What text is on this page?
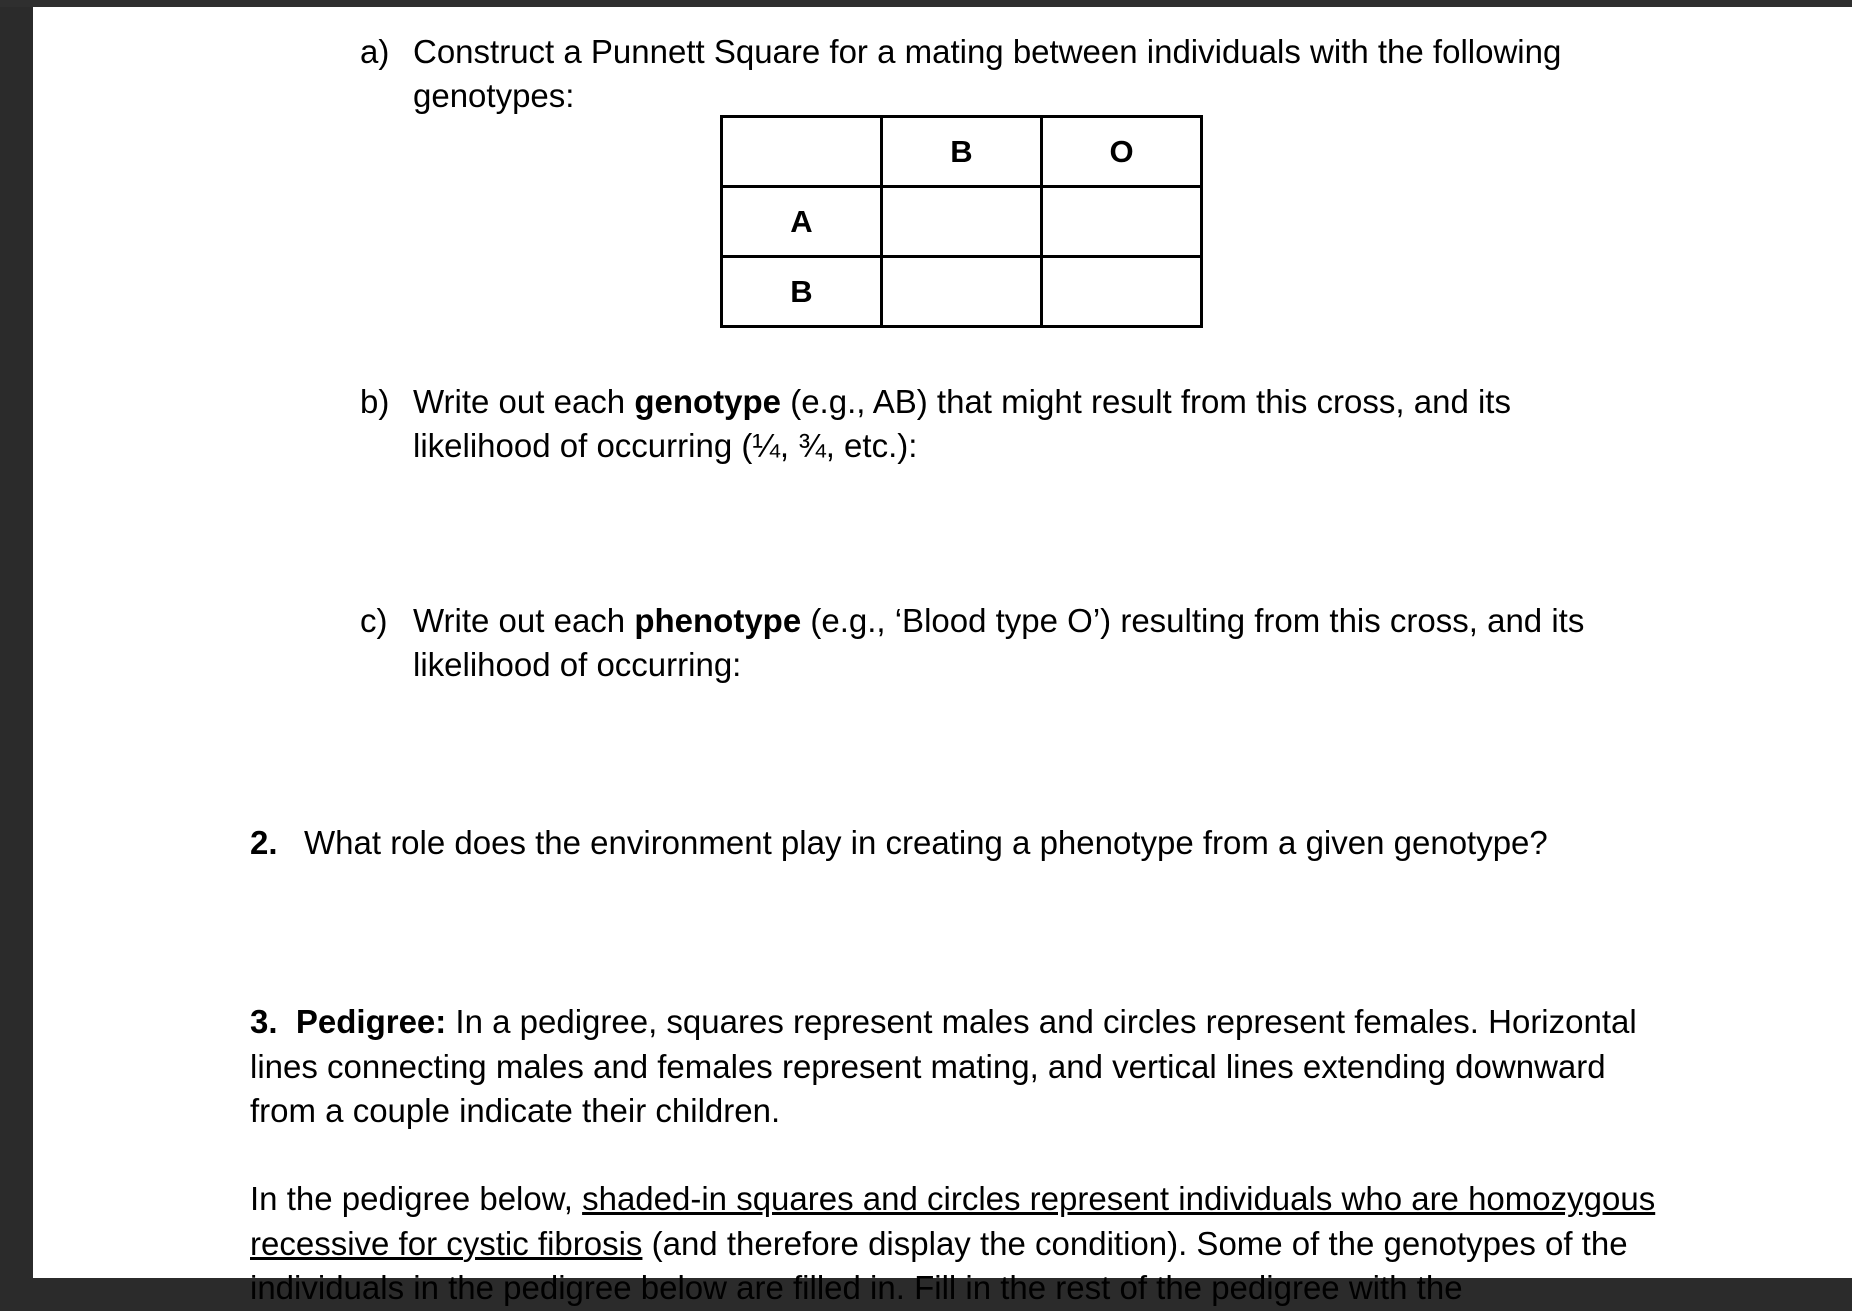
a) Construct a Punnett Square for a mating between individuals with the following
genotypes:
	B	O
A		
B		
b) Write out each genotype (e.g., AB) that might result from this cross, and its
likelihood of occurring (¼, ¾, etc.):
c) Write out each phenotype (e.g., ‘Blood type O’) resulting from this cross, and its
likelihood of occurring:
2. What role does the environment play in creating a phenotype from a given genotype?
3. Pedigree: In a pedigree, squares represent males and circles represent females. Horizontal
lines connecting males and females represent mating, and vertical lines extending downward
from a couple indicate their children.
In the pedigree below, shaded-in squares and circles represent individuals who are homozygous
recessive for cystic fibrosis (and therefore display the condition). Some of the genotypes of the
individuals in the pedigree below are filled in. Fill in the rest of the pedigree with the
